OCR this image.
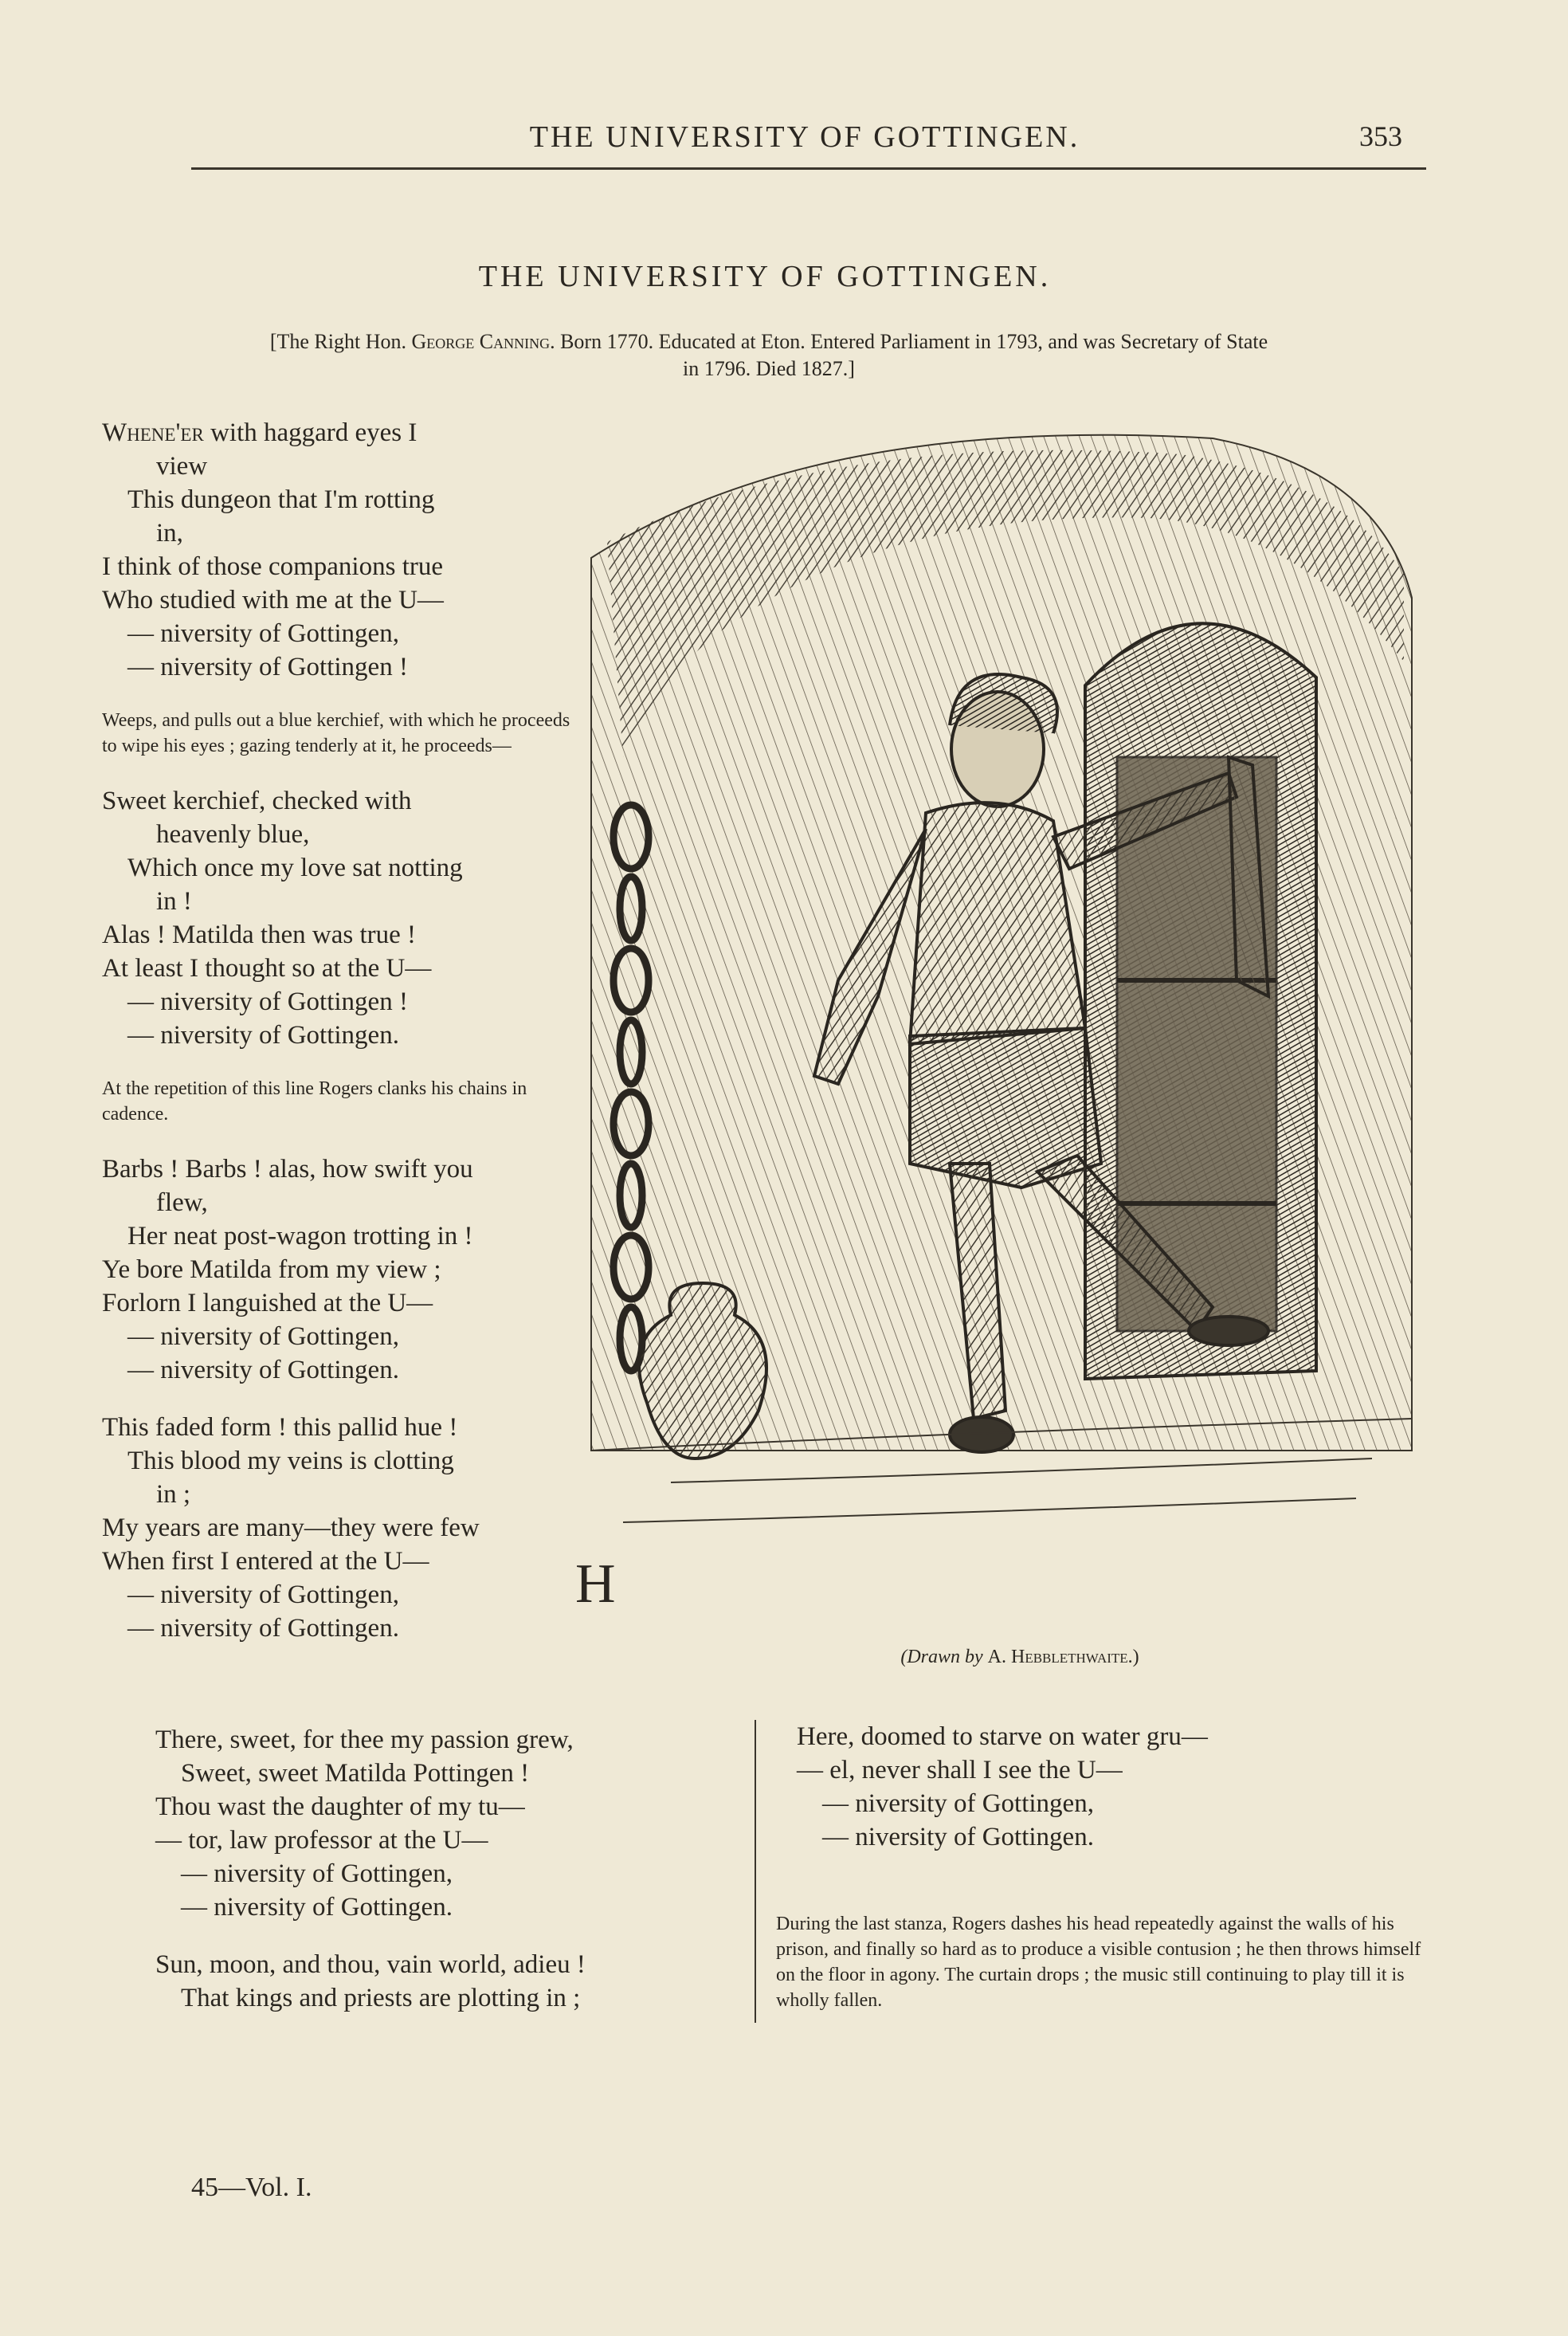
THE UNIVERSITY OF GOTTINGEN.	353
THE UNIVERSITY OF GOTTINGEN.
[The Right Hon. George Canning. Born 1770. Educated at Eton. Entered Parliament in 1793, and was Secretary of State
in 1796. Died 1827.]
Whene'er with haggard eyes I
view
This dungeon that I'm rotting
in,
I think of those companions true
Who studied with me at the U—
— niversity of Gottingen,
— niversity of Gottingen !

Weeps, and pulls out a blue kerchief, with which he proceeds to wipe his eyes ; gazing tenderly at it, he proceeds—

Sweet kerchief, checked with
heavenly blue,
Which once my love sat notting
in !
Alas ! Matilda then was true !
At least I thought so at the U—
— niversity of Gottingen !
— niversity of Gottingen.

At the repetition of this line Rogers clanks his chains in cadence.

Barbs ! Barbs ! alas, how swift you
flew,
Her neat post-wagon trotting in !
Ye bore Matilda from my view ;
Forlorn I languished at the U—
— niversity of Gottingen,
— niversity of Gottingen.
This faded form ! this pallid hue !
This blood my veins is clotting
in ;
My years are many—they were few
When first I entered at the U—
— niversity of Gottingen,
— niversity of Gottingen.
H
(Drawn by A. Hebblethwaite.)
There, sweet, for thee my passion grew,
Sweet, sweet Matilda Pottingen !
Thou wast the daughter of my tu—
— tor, law professor at the U—
— niversity of Gottingen,
— niversity of Gottingen.
Sun, moon, and thou, vain world, adieu !
That kings and priests are plotting in ;
Here, doomed to starve on water gru—
— el, never shall I see the U—
— niversity of Gottingen,
— niversity of Gottingen.

During the last stanza, Rogers dashes his head repeatedly against the walls of his prison, and finally so hard as to produce a visible contusion ; he then throws himself on the floor in agony. The curtain drops ; the music still continuing to play till it is wholly fallen.

45—Vol. I.
